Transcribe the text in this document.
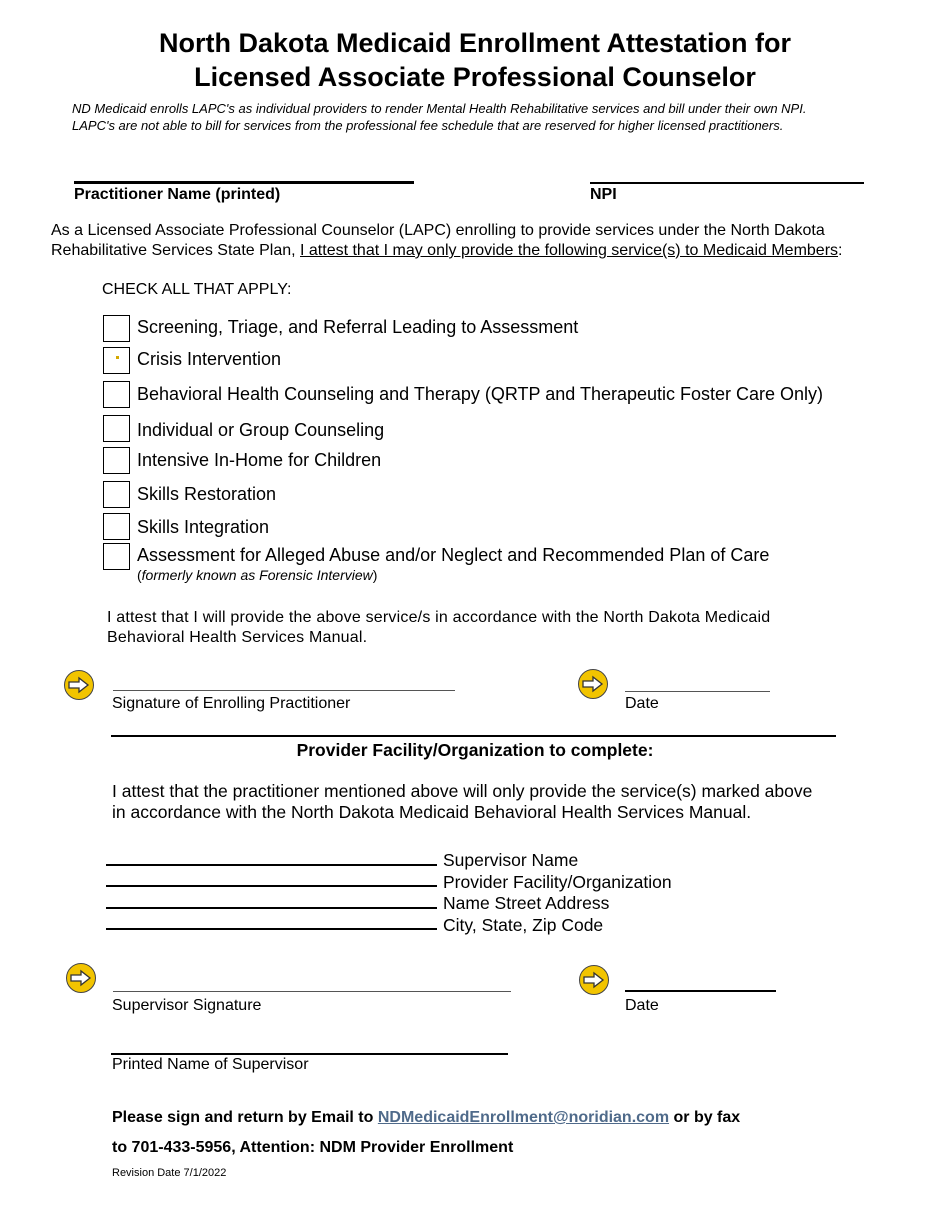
North Dakota Medicaid Enrollment Attestation for
Licensed Associate Professional Counselor
ND Medicaid enrolls LAPC's as individual providers to render Mental Health Rehabilitative services and bill under their own NPI.
LAPC's are not able to bill for services from the professional fee schedule that are reserved for higher licensed practitioners.
Practitioner Name (printed)	NPI
As a Licensed Associate Professional Counselor (LAPC) enrolling to provide services under the North Dakota
Rehabilitative Services State Plan, I attest that I may only provide the following service(s) to Medicaid Members:
CHECK ALL THAT APPLY:
Screening, Triage, and Referral Leading to Assessment
Crisis Intervention
Behavioral Health Counseling and Therapy (QRTP and Therapeutic Foster Care Only)
Individual or Group Counseling
Intensive In-Home for Children
Skills Restoration
Skills Integration
Assessment for Alleged Abuse and/or Neglect and Recommended Plan of Care
(formerly known as Forensic Interview)
I attest that I will provide the above service/s in accordance with the North Dakota Medicaid
Behavioral Health Services Manual.
Signature of Enrolling Practitioner	Date
Provider Facility/Organization to complete:
I attest that the practitioner mentioned above will only provide the service(s) marked above
in accordance with the North Dakota Medicaid Behavioral Health Services Manual.
Supervisor Name
Provider Facility/Organization
Name Street Address
City, State, Zip Code
Supervisor Signature	Date
Printed Name of Supervisor
Please sign and return by Email to NDMedicaidEnrollment@noridian.com or by fax
to 701-433-5956, Attention: NDM Provider Enrollment
Revision Date 7/1/2022
